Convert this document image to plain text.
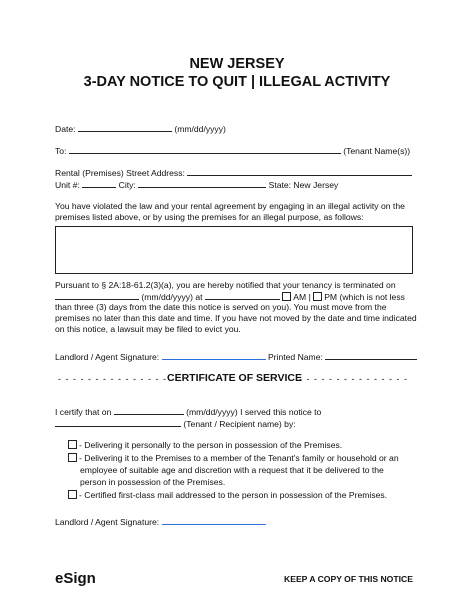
NEW JERSEY
3-DAY NOTICE TO QUIT | ILLEGAL ACTIVITY
Date:	(mm/dd/yyyy)
To:	(Tenant Name(s))
Rental (Premises) Street Address:
Unit #:	City:	State: New Jersey
You have violated the law and your rental agreement by engaging in an illegal activity on the
premises listed above, or by using the premises for an illegal purpose, as follows:
Pursuant to § 2A:18-61.2(3)(a), you are hereby notified that your tenancy is terminated on
(mm/dd/yyyy) at	AM | PM (which is not less
than three (3) days from the date this notice is served on you). You must move from the
premises no later than this date and time. If you have not moved by the date and time indicated
on this notice, a lawsuit may be filed to evict you.
Landlord / Agent Signature:	Printed Name:
- - - - - - - - - - - - - - - CERTIFICATE OF SERVICE
- - - - - - - - - - - - - - -
I certify that on	(mm/dd/yyyy) I served this notice to
(Tenant / Recipient name) by:
- Delivering it personally to the person in possession of the Premises.
- Delivering it to the Premises to a member of the Tenant's family or household or an
employee of suitable age and discretion with a request that it be delivered to the
person in possession of the Premises.
- Certified first-class mail addressed to the person in possession of the Premises.
Landlord / Agent Signature:
eSign	KEEP A COPY OF THIS NOTICE
